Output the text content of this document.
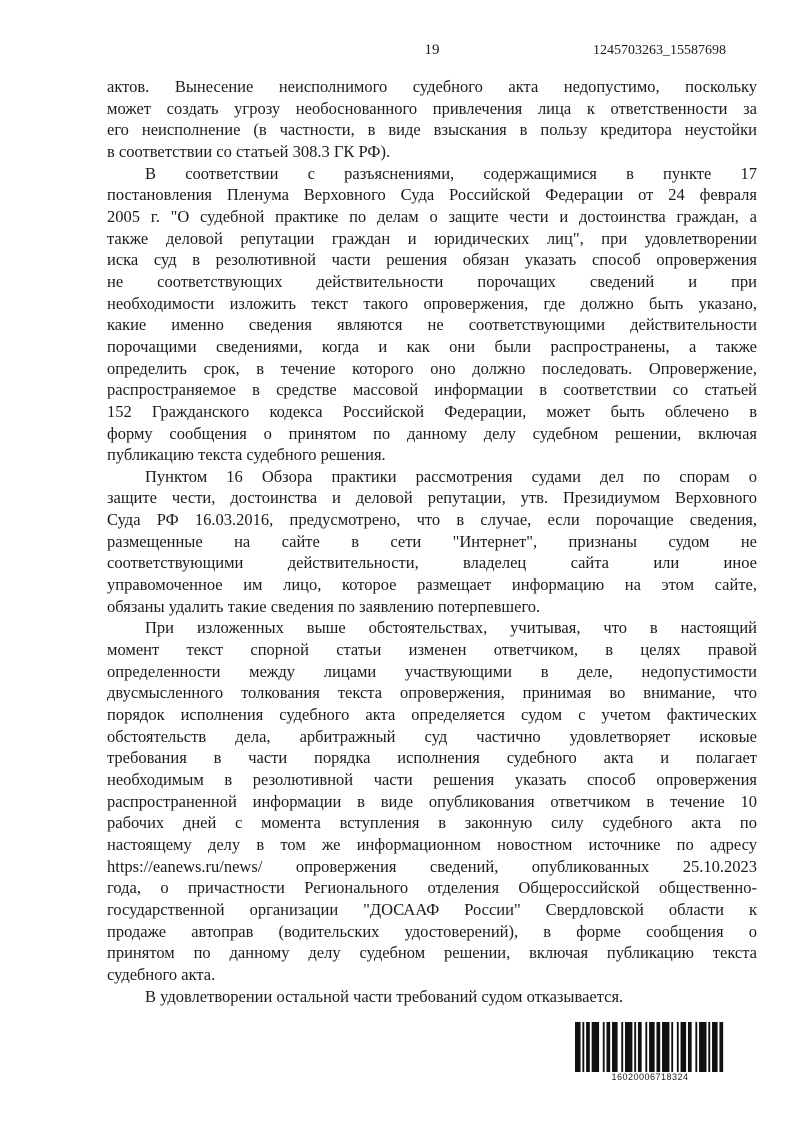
19	1245703263_15587698
актов. Вынесение неисполнимого судебного акта недопустимо, поскольку
может создать угрозу необоснованного привлечения лица к ответственности за
его неисполнение (в частности, в виде взыскания в пользу кредитора неустойки
в соответствии со статьей 308.3 ГК РФ).
В соответствии с разъяснениями, содержащимися в пункте 17
постановления Пленума Верховного Суда Российской Федерации от 24 февраля
2005 г. "О судебной практике по делам о защите чести и достоинства граждан, а
также деловой репутации граждан и юридических лиц", при удовлетворении
иска суд в резолютивной части решения обязан указать способ опровержения
не соответствующих действительности порочащих сведений и при
необходимости изложить текст такого опровержения, где должно быть указано,
какие именно сведения являются не соответствующими действительности
порочащими сведениями, когда и как они были распространены, а также
определить срок, в течение которого оно должно последовать. Опровержение,
распространяемое в средстве массовой информации в соответствии со статьей
152 Гражданского кодекса Российской Федерации, может быть облечено в
форму сообщения о принятом по данному делу судебном решении, включая
публикацию текста судебного решения.
Пунктом 16 Обзора практики рассмотрения судами дел по спорам о
защите чести, достоинства и деловой репутации, утв. Президиумом Верховного
Суда РФ 16.03.2016, предусмотрено, что в случае, если порочащие сведения,
размещенные на сайте в сети "Интернет", признаны судом не
соответствующими действительности, владелец сайта или иное
управомоченное им лицо, которое размещает информацию на этом сайте,
обязаны удалить такие сведения по заявлению потерпевшего.
При изложенных выше обстоятельствах, учитывая, что в настоящий
момент текст спорной статьи изменен ответчиком, в целях правой
определенности между лицами участвующими в деле, недопустимости
двусмысленного толкования текста опровержения, принимая во внимание, что
порядок исполнения судебного акта определяется судом с учетом фактических
обстоятельств дела, арбитражный суд частично удовлетворяет исковые
требования в части порядка исполнения судебного акта и полагает
необходимым в резолютивной части решения указать способ опровержения
распространенной информации в виде опубликования ответчиком в течение 10
рабочих дней с момента вступления в законную силу судебного акта по
настоящему делу в том же информационном новостном источнике по адресу
https://eanews.ru/news/ опровержения сведений, опубликованных 25.10.2023
года, о причастности Регионального отделения Общероссийской общественно-
государственной организации "ДОСААФ России" Свердловской области к
продаже автоправ (водительских удостоверений), в форме сообщения о
принятом по данному делу судебном решении, включая публикацию текста
судебного акта.
В удовлетворении остальной части требований судом отказывается.
16020006718324
